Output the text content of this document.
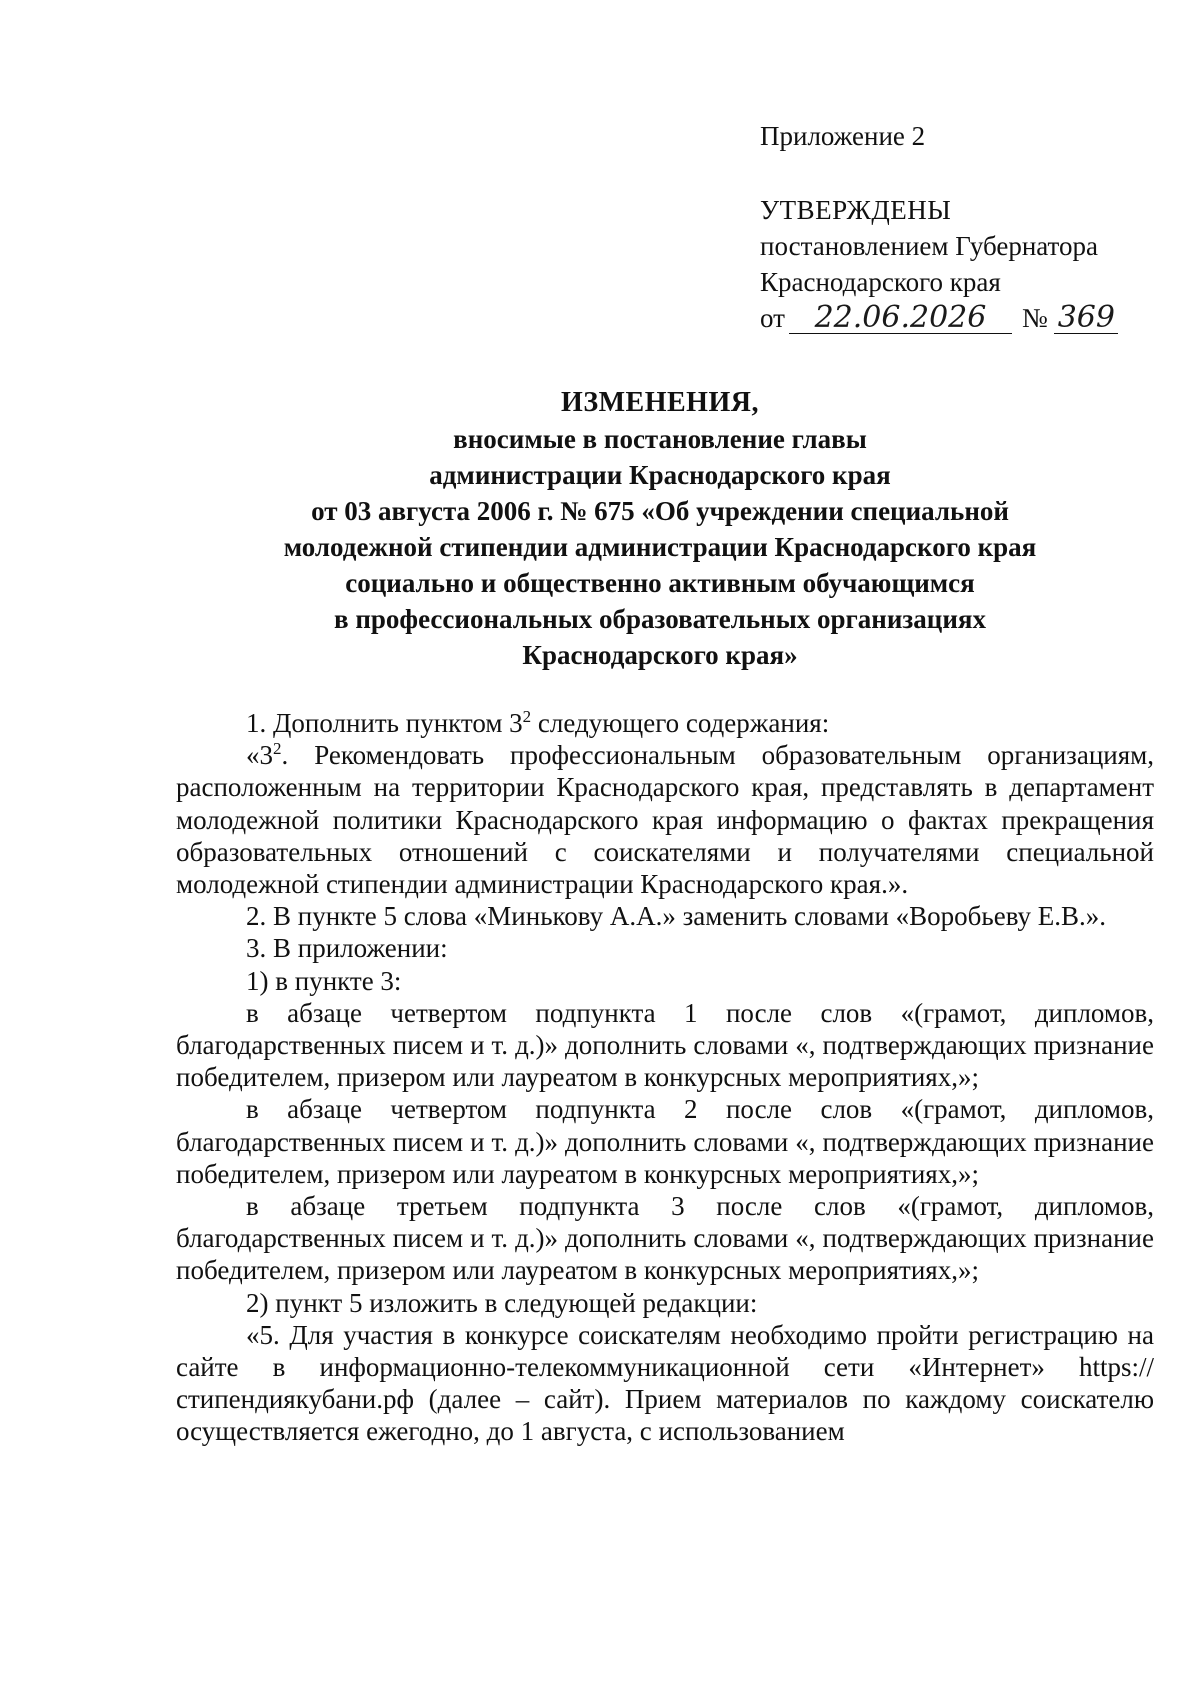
Приложение 2
УТВЕРЖДЕНЫ
постановлением Губернатора
Краснодарского края
от 22.06.2026	№ 369
ИЗМЕНЕНИЯ,
вносимые в постановление главы
администрации Краснодарского края
от 03 августа 2006 г. № 675 «Об учреждении специальной
молодежной стипендии администрации Краснодарского края
социально и общественно активным обучающимся
в профессиональных образовательных организациях
Краснодарского края»

1. Дополнить пунктом $3^2$ следующего содержания:

«$3^2$. Рекомендовать профессиональным образовательным организациям, расположенным на территории Краснодарского края, представлять в департамент молодежной политики Краснодарского края информацию о фактах прекращения образовательных отношений с соискателями и получателями специальной молодежной стипендии администрации Краснодарского края.».

2. В пункте 5 слова «Минькову А.А.» заменить словами «Воробьеву Е.В.».

3. В приложении:

1) в пункте 3:

в абзаце четвертом подпункта 1 после слов «(грамот, дипломов, благодарственных писем и т. д.)» дополнить словами «, подтверждающих признание победителем, призером или лауреатом в конкурсных мероприятиях,»;

в абзаце четвертом подпункта 2 после слов «(грамот, дипломов, благодарственных писем и т. д.)» дополнить словами «, подтверждающих признание победителем, призером или лауреатом в конкурсных мероприятиях,»;

в абзаце третьем подпункта 3 после слов «(грамот, дипломов, благодарственных писем и т. д.)» дополнить словами «, подтверждающих признание победителем, призером или лауреатом в конкурсных мероприятиях,»;

2) пункт 5 изложить в следующей редакции:

«5. Для участия в конкурсе соискателям необходимо пройти регистрацию на сайте в информационно-телекоммуникационной сети «Интернет» https://стипендиякубани.рф (далее – сайт). Прием материалов по каждому соискателю осуществляется ежегодно, до 1 августа, с использованием
